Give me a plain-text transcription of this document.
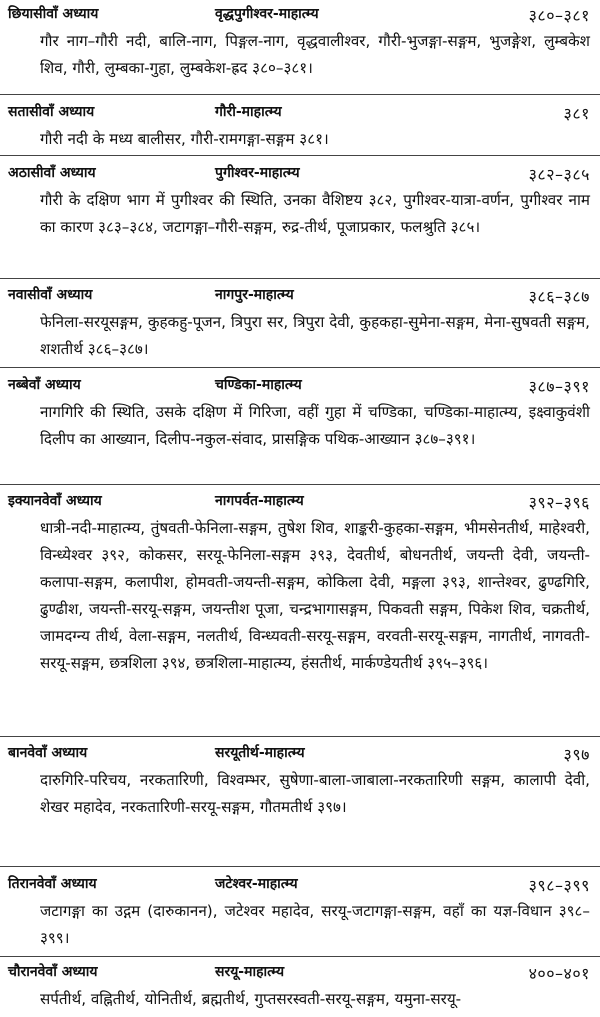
छियासीवाँ अध्याय	वृद्धपुगीश्वर-माहात्म्य	३८०–३८१
गौर नाग–गौरी नदी, बालि-नाग, पिङ्गल-नाग, वृद्धवालीश्वर, गौरी-भुजङ्गा-सङ्गम, भुजङ्गेश, लुम्बकेश शिव, गौरी, लुम्बका-गुहा, लुम्बकेश-ह्रद ३८०–३८१।
सतासीवाँ अध्याय	गौरी-माहात्म्य	३८१
गौरी नदी के मध्य बालीसर, गौरी-रामगङ्गा-सङ्गम ३८१।
अठासीवाँ अध्याय	पुगीश्वर-माहात्म्य	३८२–३८५
गौरी के दक्षिण भाग में पुगीश्वर की स्थिति, उनका वैशिष्टय ३८२, पुगीश्वर-यात्रा-वर्णन, पुगीश्वर नाम का कारण ३८३–३८४, जटागङ्गा–गौरी-सङ्गम, रुद्र-तीर्थ, पूजाप्रकार, फलश्रुति ३८५।
नवासीवाँ अध्याय	नागपुर-माहात्म्य	३८६–३८७
फेनिला-सरयूसङ्गम, कुहकहु-पूजन, त्रिपुरा सर, त्रिपुरा देवी, कुहकहा-सुमेना-सङ्गम, मेना-सुषवती सङ्गम, शशतीर्थ ३८६–३८७।
नब्बेवाँ अध्याय	चण्डिका-माहात्म्य	३८७–३९१
नागगिरि की स्थिति, उसके दक्षिण में गिरिजा, वहीं गुहा में चण्डिका, चण्डिका-माहात्म्य, इक्ष्वाकुवंशी दिलीप का आख्यान, दिलीप-नकुल-संवाद, प्रासङ्गिक पथिक-आख्यान ३८७–३९१।
इक्यानवेवाँ अध्याय	नागपर्वत-माहात्म्य	३९२–३९६
धात्री-नदी-माहात्म्य, तुंषवती-फेनिला-सङ्गम, तुषेश शिव, शाङ्करी-कुहका-सङ्गम, भीमसेनतीर्थ, माहेश्वरी, विन्ध्येश्वर ३९२, कोकसर, सरयू-फेनिला-सङ्गम ३९३, देवतीर्थ, बोधनतीर्थ, जयन्ती देवी, जयन्ती-कलापा-सङ्गम, कलापीश, होमवती-जयन्ती-सङ्गम, कोकिला देवी, मङ्गला ३९३, शान्तेश्वर, ढुण्ढगिरि, ढुण्ढीश, जयन्ती-सरयू-सङ्गम, जयन्तीश पूजा, चन्द्रभागासङ्गम, पिकवती सङ्गम, पिकेश शिव, चक्रतीर्थ, जामदग्न्य तीर्थ, वेला-सङ्गम, नलतीर्थ, विन्ध्यवती-सरयू-सङ्गम, वरवती-सरयू-सङ्गम, नागतीर्थ, नागवती-सरयू-सङ्गम, छत्रशिला ३९४, छत्रशिला-माहात्म्य, हंसतीर्थ, मार्कण्डेयतीर्थ ३९५–३९६।
बानवेवाँ अध्याय	सरयूतीर्थ-माहात्म्य	३९७
दारुगिरि-परिचय, नरकतारिणी, विश्वम्भर, सुषेणा-बाला-जाबाला-नरकतारिणी सङ्गम, कालापी देवी, शेखर महादेव, नरकतारिणी-सरयू-सङ्गम, गौतमतीर्थ ३९७।
तिरानवेवाँ अध्याय	जटेश्वर-माहात्म्य	३९८–३९९
जटागङ्गा का उद्गम (दारुकानन), जटेश्वर महादेव, सरयू-जटागङ्गा-सङ्गम, वहाँ का यज्ञ-विधान ३९८–३९९।
चौरानवेवाँ अध्याय	सरयू-माहात्म्य	४००–४०१
सर्पतीर्थ, वह्नितीर्थ, योनितीर्थ, ब्रह्मतीर्थ, गुप्तसरस्वती-सरयू-सङ्गम, यमुना-सरयू-
